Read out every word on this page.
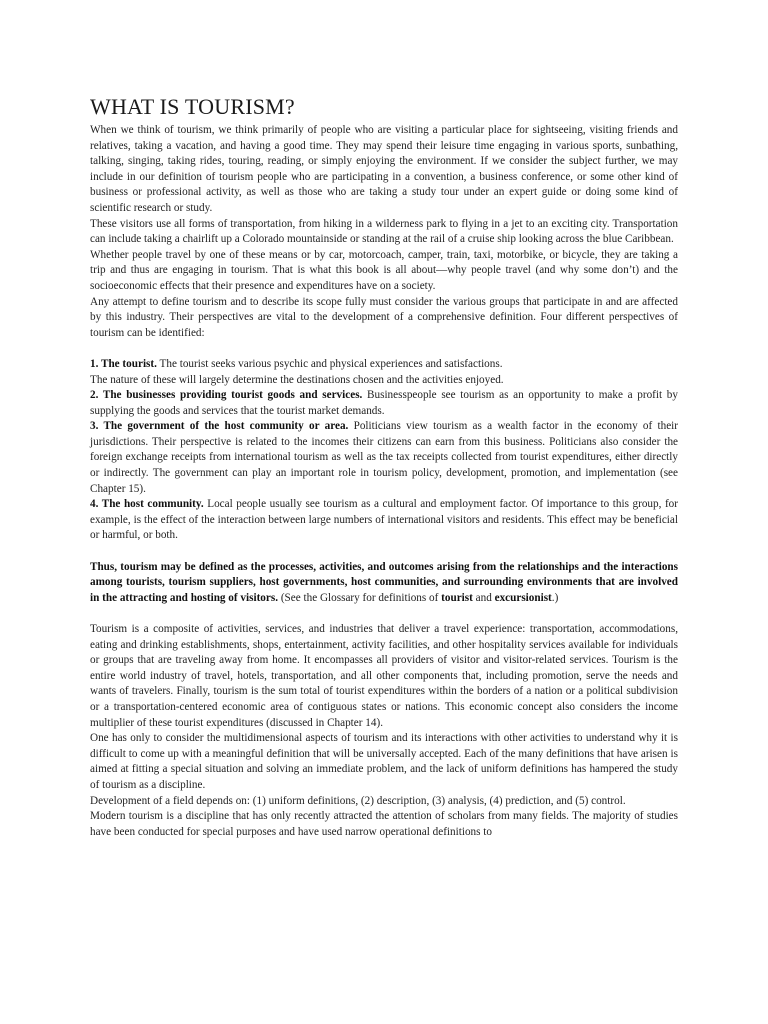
WHAT IS TOURISM?

When we think of tourism, we think primarily of people who are visiting a particular place for sightseeing, visiting friends and relatives, taking a vacation, and having a good time. They may spend their leisure time engaging in various sports, sunbathing, talking, singing, taking rides, touring, reading, or simply enjoying the environment. If we consider the subject further, we may include in our definition of tourism people who are participating in a convention, a business conference, or some other kind of business or professional activity, as well as those who are taking a study tour under an expert guide or doing some kind of scientific research or study.

These visitors use all forms of transportation, from hiking in a wilderness park to flying in a jet to an exciting city. Transportation can include taking a chairlift up a Colorado mountainside or standing at the rail of a cruise ship looking across the blue Caribbean.

Whether people travel by one of these means or by car, motorcoach, camper, train, taxi, motorbike, or bicycle, they are taking a trip and thus are engaging in tourism. That is what this book is all about—why people travel (and why some don’t) and the socioeconomic effects that their presence and expenditures have on a society.

Any attempt to define tourism and to describe its scope fully must consider the various groups that participate in and are affected by this industry. Their perspectives are vital to the development of a comprehensive definition. Four different perspectives of tourism can be identified:

1. The tourist. The tourist seeks various psychic and physical experiences and satisfactions.

The nature of these will largely determine the destinations chosen and the activities enjoyed.

2. The businesses providing tourist goods and services. Businesspeople see tourism as an opportunity to make a profit by supplying the goods and services that the tourist market demands.

3. The government of the host community or area. Politicians view tourism as a wealth factor in the economy of their jurisdictions. Their perspective is related to the incomes their citizens can earn from this business. Politicians also consider the foreign exchange receipts from international tourism as well as the tax receipts collected from tourist expenditures, either directly or indirectly. The government can play an important role in tourism policy, development, promotion, and implementation (see Chapter 15).

4. The host community. Local people usually see tourism as a cultural and employment factor. Of importance to this group, for example, is the effect of the interaction between large numbers of international visitors and residents. This effect may be beneficial or harmful, or both.

Thus, tourism may be defined as the processes, activities, and outcomes arising from the relationships and the interactions among tourists, tourism suppliers, host governments, host communities, and surrounding environments that are involved in the attracting and hosting of visitors. (See the Glossary for definitions of tourist and excursionist.)

Tourism is a composite of activities, services, and industries that deliver a travel experience: transportation, accommodations, eating and drinking establishments, shops, entertainment, activity facilities, and other hospitality services available for individuals or groups that are traveling away from home. It encompasses all providers of visitor and visitor-related services. Tourism is the entire world industry of travel, hotels, transportation, and all other components that, including promotion, serve the needs and wants of travelers. Finally, tourism is the sum total of tourist expenditures within the borders of a nation or a political subdivision or a transportation-centered economic area of contiguous states or nations. This economic concept also considers the income multiplier of these tourist expenditures (discussed in Chapter 14).

One has only to consider the multidimensional aspects of tourism and its interactions with other activities to understand why it is difficult to come up with a meaningful definition that will be universally accepted. Each of the many definitions that have arisen is aimed at fitting a special situation and solving an immediate problem, and the lack of uniform definitions has hampered the study of tourism as a discipline.

Development of a field depends on: (1) uniform definitions, (2) description, (3) analysis, (4) prediction, and (5) control.

Modern tourism is a discipline that has only recently attracted the attention of scholars from many fields. The majority of studies have been conducted for special purposes and have used narrow operational definitions to
